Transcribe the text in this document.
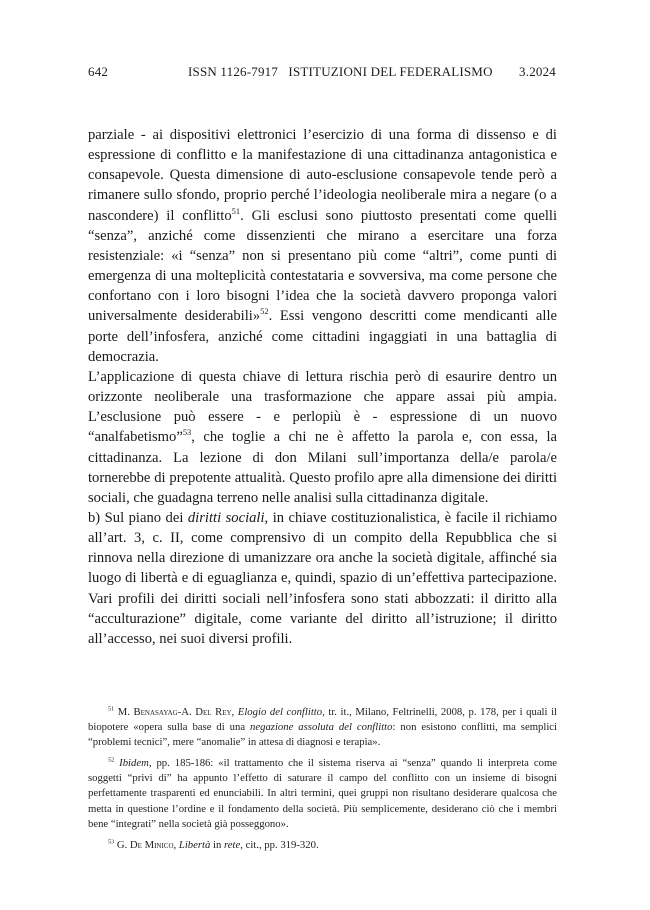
642	ISSN 1126-7917   ISTITUZIONI DEL FEDERALISMO 3.2024

parziale - ai dispositivi elettronici l’esercizio di una forma di dissenso e di espressione di conflitto e la manifestazione di una cittadinanza antagonistica e consapevole. Questa dimensione di auto-esclusione consapevole tende però a rimanere sullo sfondo, proprio perché l’ideologia neoliberale mira a negare (o a nascondere) il conflitto$^{51}$. Gli esclusi sono piuttosto presentati come quelli “senza”, anziché come dissenzienti che mirano a esercitare una forza resistenziale: «i “senza” non si presentano più come “altri”, come punti di emergenza di una molteplicità contestataria e sovversiva, ma come persone che confortano con i loro bisogni l’idea che la società davvero proponga valori universalmente desiderabili»$^{52}$. Essi vengono descritti come mendicanti alle porte dell’infosfera, anziché come cittadini ingaggiati in una battaglia di democrazia.

L’applicazione di questa chiave di lettura rischia però di esaurire dentro un orizzonte neoliberale una trasformazione che appare assai più ampia. L’esclusione può essere - e perlopiù è - espressione di un nuovo “analfabetismo”$^{53}$, che toglie a chi ne è affetto la parola e, con essa, la cittadinanza. La lezione di don Milani sull’importanza della/e parola/e tornerebbe di prepotente attualità. Questo profilo apre alla dimensione dei diritti sociali, che guadagna terreno nelle analisi sulla cittadinanza digitale.

b) Sul piano dei diritti sociali, in chiave costituzionalistica, è facile il richiamo all’art. 3, c. II, come comprensivo di un compito della Repubblica che si rinnova nella direzione di umanizzare ora anche la società digitale, affinché sia luogo di libertà e di eguaglianza e, quindi, spazio di un’effettiva partecipazione. Vari profili dei diritti sociali nell’infosfera sono stati abbozzati: il diritto alla “acculturazione” digitale, come variante del diritto all’istruzione; il diritto all’accesso, nei suoi diversi profili.

$^{51}$ M. Benasayag-A. Del Rey, Elogio del conflitto, tr. it., Milano, Feltrinelli, 2008, p. 178, per i quali il biopotere «opera sulla base di una negazione assoluta del conflitto: non esistono conflitti, ma semplici “problemi tecnici”, mere “anomalie” in attesa di diagnosi e terapia».

$^{52}$ Ibidem, pp. 185-186: «il trattamento che il sistema riserva ai “senza” quando li interpreta come soggetti “privi di” ha appunto l’effetto di saturare il campo del conflitto con un insieme di bisogni perfettamente trasparenti ed enunciabili. In altri termini, quei gruppi non risultano desiderare qualcosa che metta in questione l’ordine e il fondamento della società. Più semplicemente, desiderano ciò che i membri bene “integrati” nella società già posseggono».

$^{53}$ G. De Minico, Libertà in rete, cit., pp. 319-320.
